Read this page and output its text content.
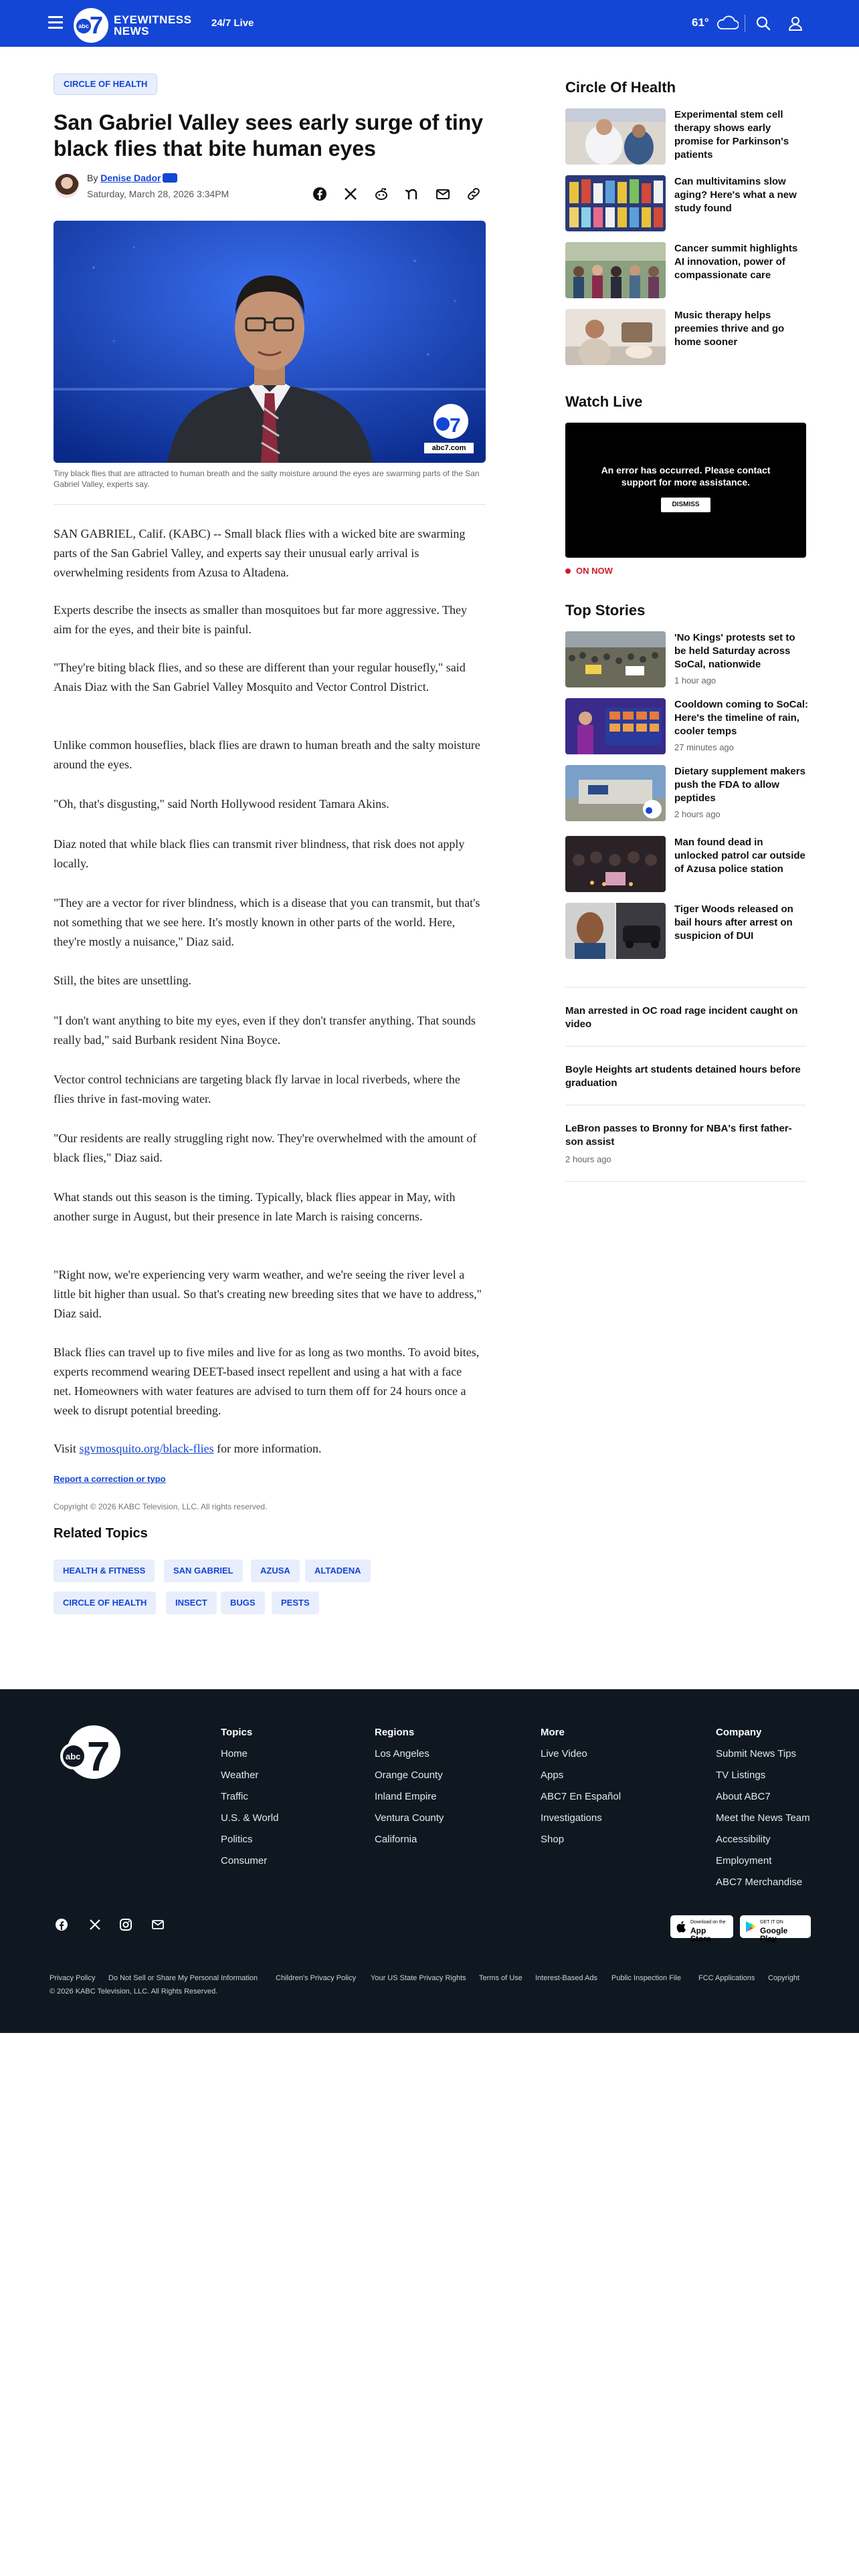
abc 7 EYEWITNESS
NEWS
24/7 Live	61°
CIRCLE OF HEALTH
San Gabriel Valley sees early surge of tiny black flies that bite human eyes
By Denise Dador
Saturday, March 28, 2026 3:34PM
7
abc7.com
Tiny black flies that are attracted to human breath and the salty moisture around the eyes are swarming parts of the San Gabriel Valley, experts say.

SAN GABRIEL, Calif. (KABC) -- Small black flies with a wicked bite are swarming parts of the San Gabriel Valley, and experts say their unusual early arrival is overwhelming residents from Azusa to Altadena.

Experts describe the insects as smaller than mosquitoes but far more aggressive. They aim for the eyes, and their bite is painful.

"They're biting black flies, and so these are different than your regular housefly," said Anais Diaz with the San Gabriel Valley Mosquito and Vector Control District.

Unlike common houseflies, black flies are drawn to human breath and the salty moisture around the eyes.

"Oh, that's disgusting," said North Hollywood resident Tamara Akins.

Diaz noted that while black flies can transmit river blindness, that risk does not apply locally.

"They are a vector for river blindness, which is a disease that you can transmit, but that's not something that we see here. It's mostly known in other parts of the world. Here, they're mostly a nuisance," Diaz said.

Still, the bites are unsettling.

"I don't want anything to bite my eyes, even if they don't transfer anything. That sounds really bad," said Burbank resident Nina Boyce.

Vector control technicians are targeting black fly larvae in local riverbeds, where the flies thrive in fast-moving water.

"Our residents are really struggling right now. They're overwhelmed with the amount of black flies," Diaz said.

What stands out this season is the timing. Typically, black flies appear in May, with another surge in August, but their presence in late March is raising concerns.

"Right now, we're experiencing very warm weather, and we're seeing the river level a little bit higher than usual. So that's creating new breeding sites that we have to address," Diaz said.

Black flies can travel up to five miles and live for as long as two months. To avoid bites, experts recommend wearing DEET-based insect repellent and using a hat with a face net. Homeowners with water features are advised to turn them off for 24 hours once a week to disrupt potential breeding.

Visit sgvmosquito.org/black-flies for more information.

Report a correction or typo
Copyright © 2026 KABC Television, LLC. All rights reserved.
Related Topics
HEALTH & FITNESS	SAN GABRIEL	AZUSA	ALTADENA
CIRCLE OF HEALTH	INSECT	BUGS	PESTS
Circle Of Health
Experimental stem cell therapy shows early promise for Parkinson's patients
Can multivitamins slow aging? Here's what a new study found
Cancer summit highlights AI innovation, power of compassionate care
Music therapy helps preemies thrive and go home sooner
Watch Live
An error has occurred. Please contact support for more assistance.
DISMISS
ON NOW
Top Stories
'No Kings' protests set to be held Saturday across SoCal, nationwide
1 hour ago
Cooldown coming to SoCal: Here's the timeline of rain, cooler temps
27 minutes ago
Dietary supplement makers push the FDA to allow peptides
2 hours ago
Man found dead in unlocked patrol car outside of Azusa police station
Tiger Woods released on bail hours after arrest on suspicion of DUI
Man arrested in OC road rage incident caught on video
Boyle Heights art students detained hours before graduation
LeBron passes to Bronny for NBA's first father-son assist
2 hours ago
abc 7
Topics
Home
Weather
Traffic
U.S. & World
Politics
Consumer
Regions
Los Angeles
Orange County
Inland Empire
Ventura County
California
More
Live Video
Apps
ABC7 En Español
Investigations
Shop
Company
Submit News Tips
TV Listings
About ABC7
Meet the News Team
Accessibility
Employment
ABC7 Merchandise
Download on the
App Store
GET IT ON
Google Play
Privacy Policy Do Not Sell or Share My Personal Information Children's Privacy Policy Your US State Privacy Rights Terms of Use Interest-Based Ads Public Inspection File FCC Applications Copyright
© 2026 KABC Television, LLC. All Rights Reserved.
